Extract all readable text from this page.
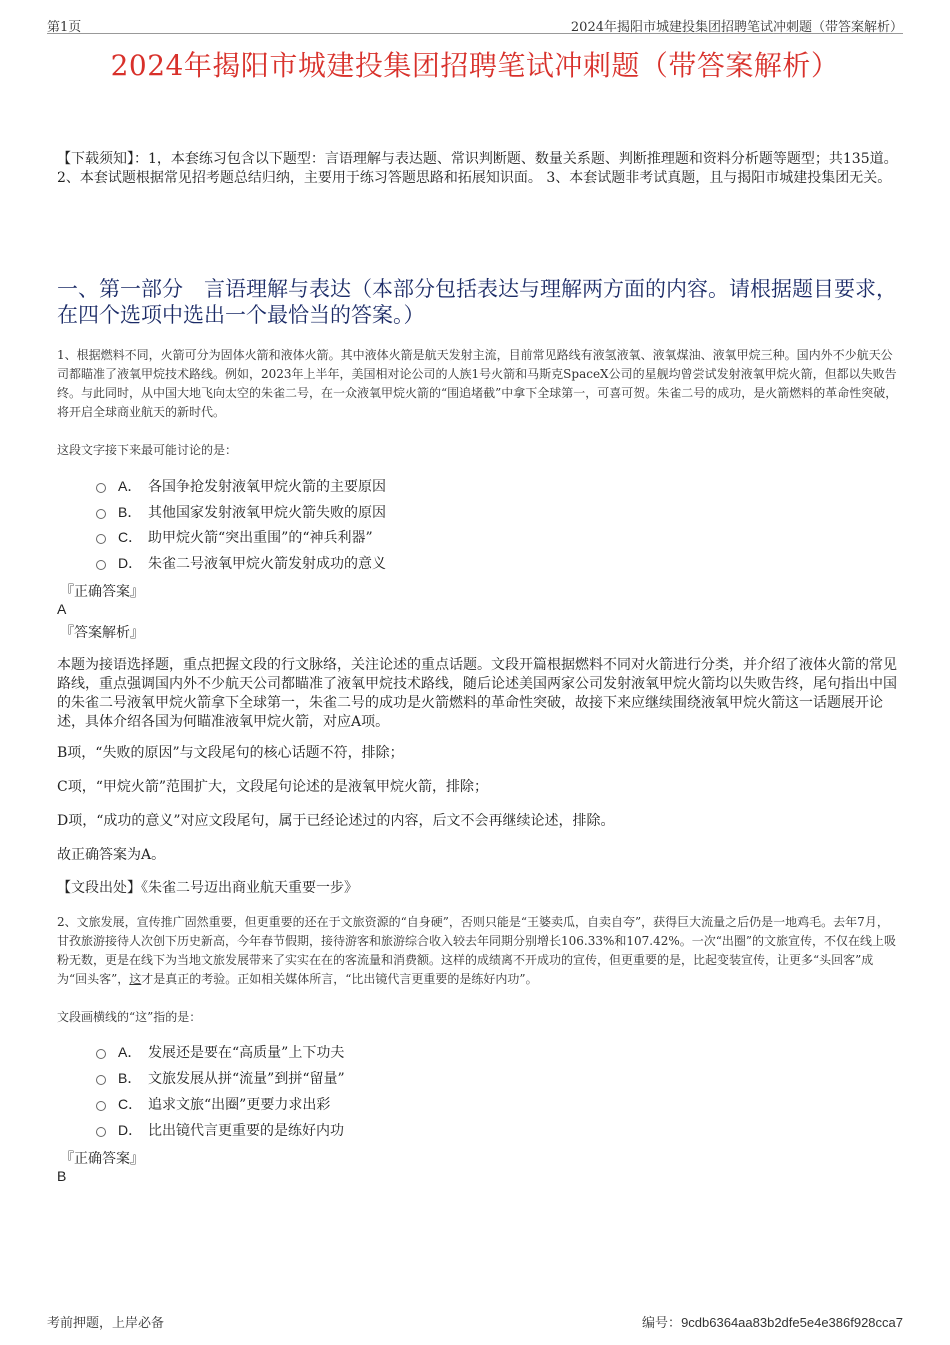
第1页	2024年揭阳市城建投集团招聘笔试冲刺题（带答案解析）
2024年揭阳市城建投集团招聘笔试冲刺题（带答案解析）
【下载须知】：1，本套练习包含以下题型：言语理解与表达题、常识判断题、数量关系题、判断推理题和资料分析题等题型；共135道。 2、本套试题根据常见招考题总结归纳，主要用于练习答题思路和拓展知识面。 3、本套试题非考试真题，且与揭阳市城建投集团无关。
一、第一部分　言语理解与表达（本部分包括表达与理解两方面的内容。请根据题目要求，在四个选项中选出一个最恰当的答案。）
1、根据燃料不同，火箭可分为固体火箭和液体火箭。其中液体火箭是航天发射主流，目前常见路线有液氢液氧、液氧煤油、液氧甲烷三种。国内外不少航天公司都瞄准了液氧甲烷技术路线。例如，2023年上半年，美国相对论公司的人族1号火箭和马斯克SpaceX公司的星舰均曾尝试发射液氧甲烷火箭，但都以失败告终。与此同时，从中国大地飞向太空的朱雀二号，在一众液氧甲烷火箭的“围追堵截”中拿下全球第一，可喜可贺。朱雀二号的成功，是火箭燃料的革命性突破，将开启全球商业航天的新时代。
这段文字接下来最可能讨论的是：
A． 各国争抢发射液氧甲烷火箭的主要原因
B． 其他国家发射液氧甲烷火箭失败的原因
C． 助甲烷火箭“突出重围”的“神兵利器”
D． 朱雀二号液氧甲烷火箭发射成功的意义
『正确答案』
A
『答案解析』
本题为接语选择题，重点把握文段的行文脉络，关注论述的重点话题。文段开篇根据燃料不同对火箭进行分类，并介绍了液体火箭的常见路线，重点强调国内外不少航天公司都瞄准了液氧甲烷技术路线，随后论述美国两家公司发射液氧甲烷火箭均以失败告终，尾句指出中国的朱雀二号液氧甲烷火箭拿下全球第一，朱雀二号的成功是火箭燃料的革命性突破，故接下来应继续围绕液氧甲烷火箭这一话题展开论述，具体介绍各国为何瞄准液氧甲烷火箭，对应A项。
B项，“失败的原因”与文段尾句的核心话题不符，排除；
C项，“甲烷火箭”范围扩大，文段尾句论述的是液氧甲烷火箭，排除；
D项，“成功的意义”对应文段尾句，属于已经论述过的内容，后文不会再继续论述，排除。
故正确答案为A。
【文段出处】《朱雀二号迈出商业航天重要一步》
2、文旅发展，宣传推广固然重要，但更重要的还在于文旅资源的“自身硬”，否则只能是“王婆卖瓜，自卖自夸”，获得巨大流量之后仍是一地鸡毛。去年7月，甘孜旅游接待人次创下历史新高，今年春节假期，接待游客和旅游综合收入较去年同期分别增长106.33%和107.42%。一次“出圈”的文旅宣传，不仅在线上吸粉无数，更是在线下为当地文旅发展带来了实实在在的客流量和消费额。这样的成绩离不开成功的宣传，但更重要的是，比起变装宣传，让更多“头回客”成为“回头客”，这才是真正的考验。正如相关媒体所言，“比出镜代言更重要的是练好内功”。
文段画横线的“这”指的是：
A． 发展还是要在“高质量”上下功夫
B． 文旅发展从拼“流量”到拼“留量”
C． 追求文旅“出圈”更要力求出彩
D． 比出镜代言更重要的是练好内功
『正确答案』
B
考前押题，上岸必备	编号：9cdb6364aa83b2dfe5e4e386f928cca7
